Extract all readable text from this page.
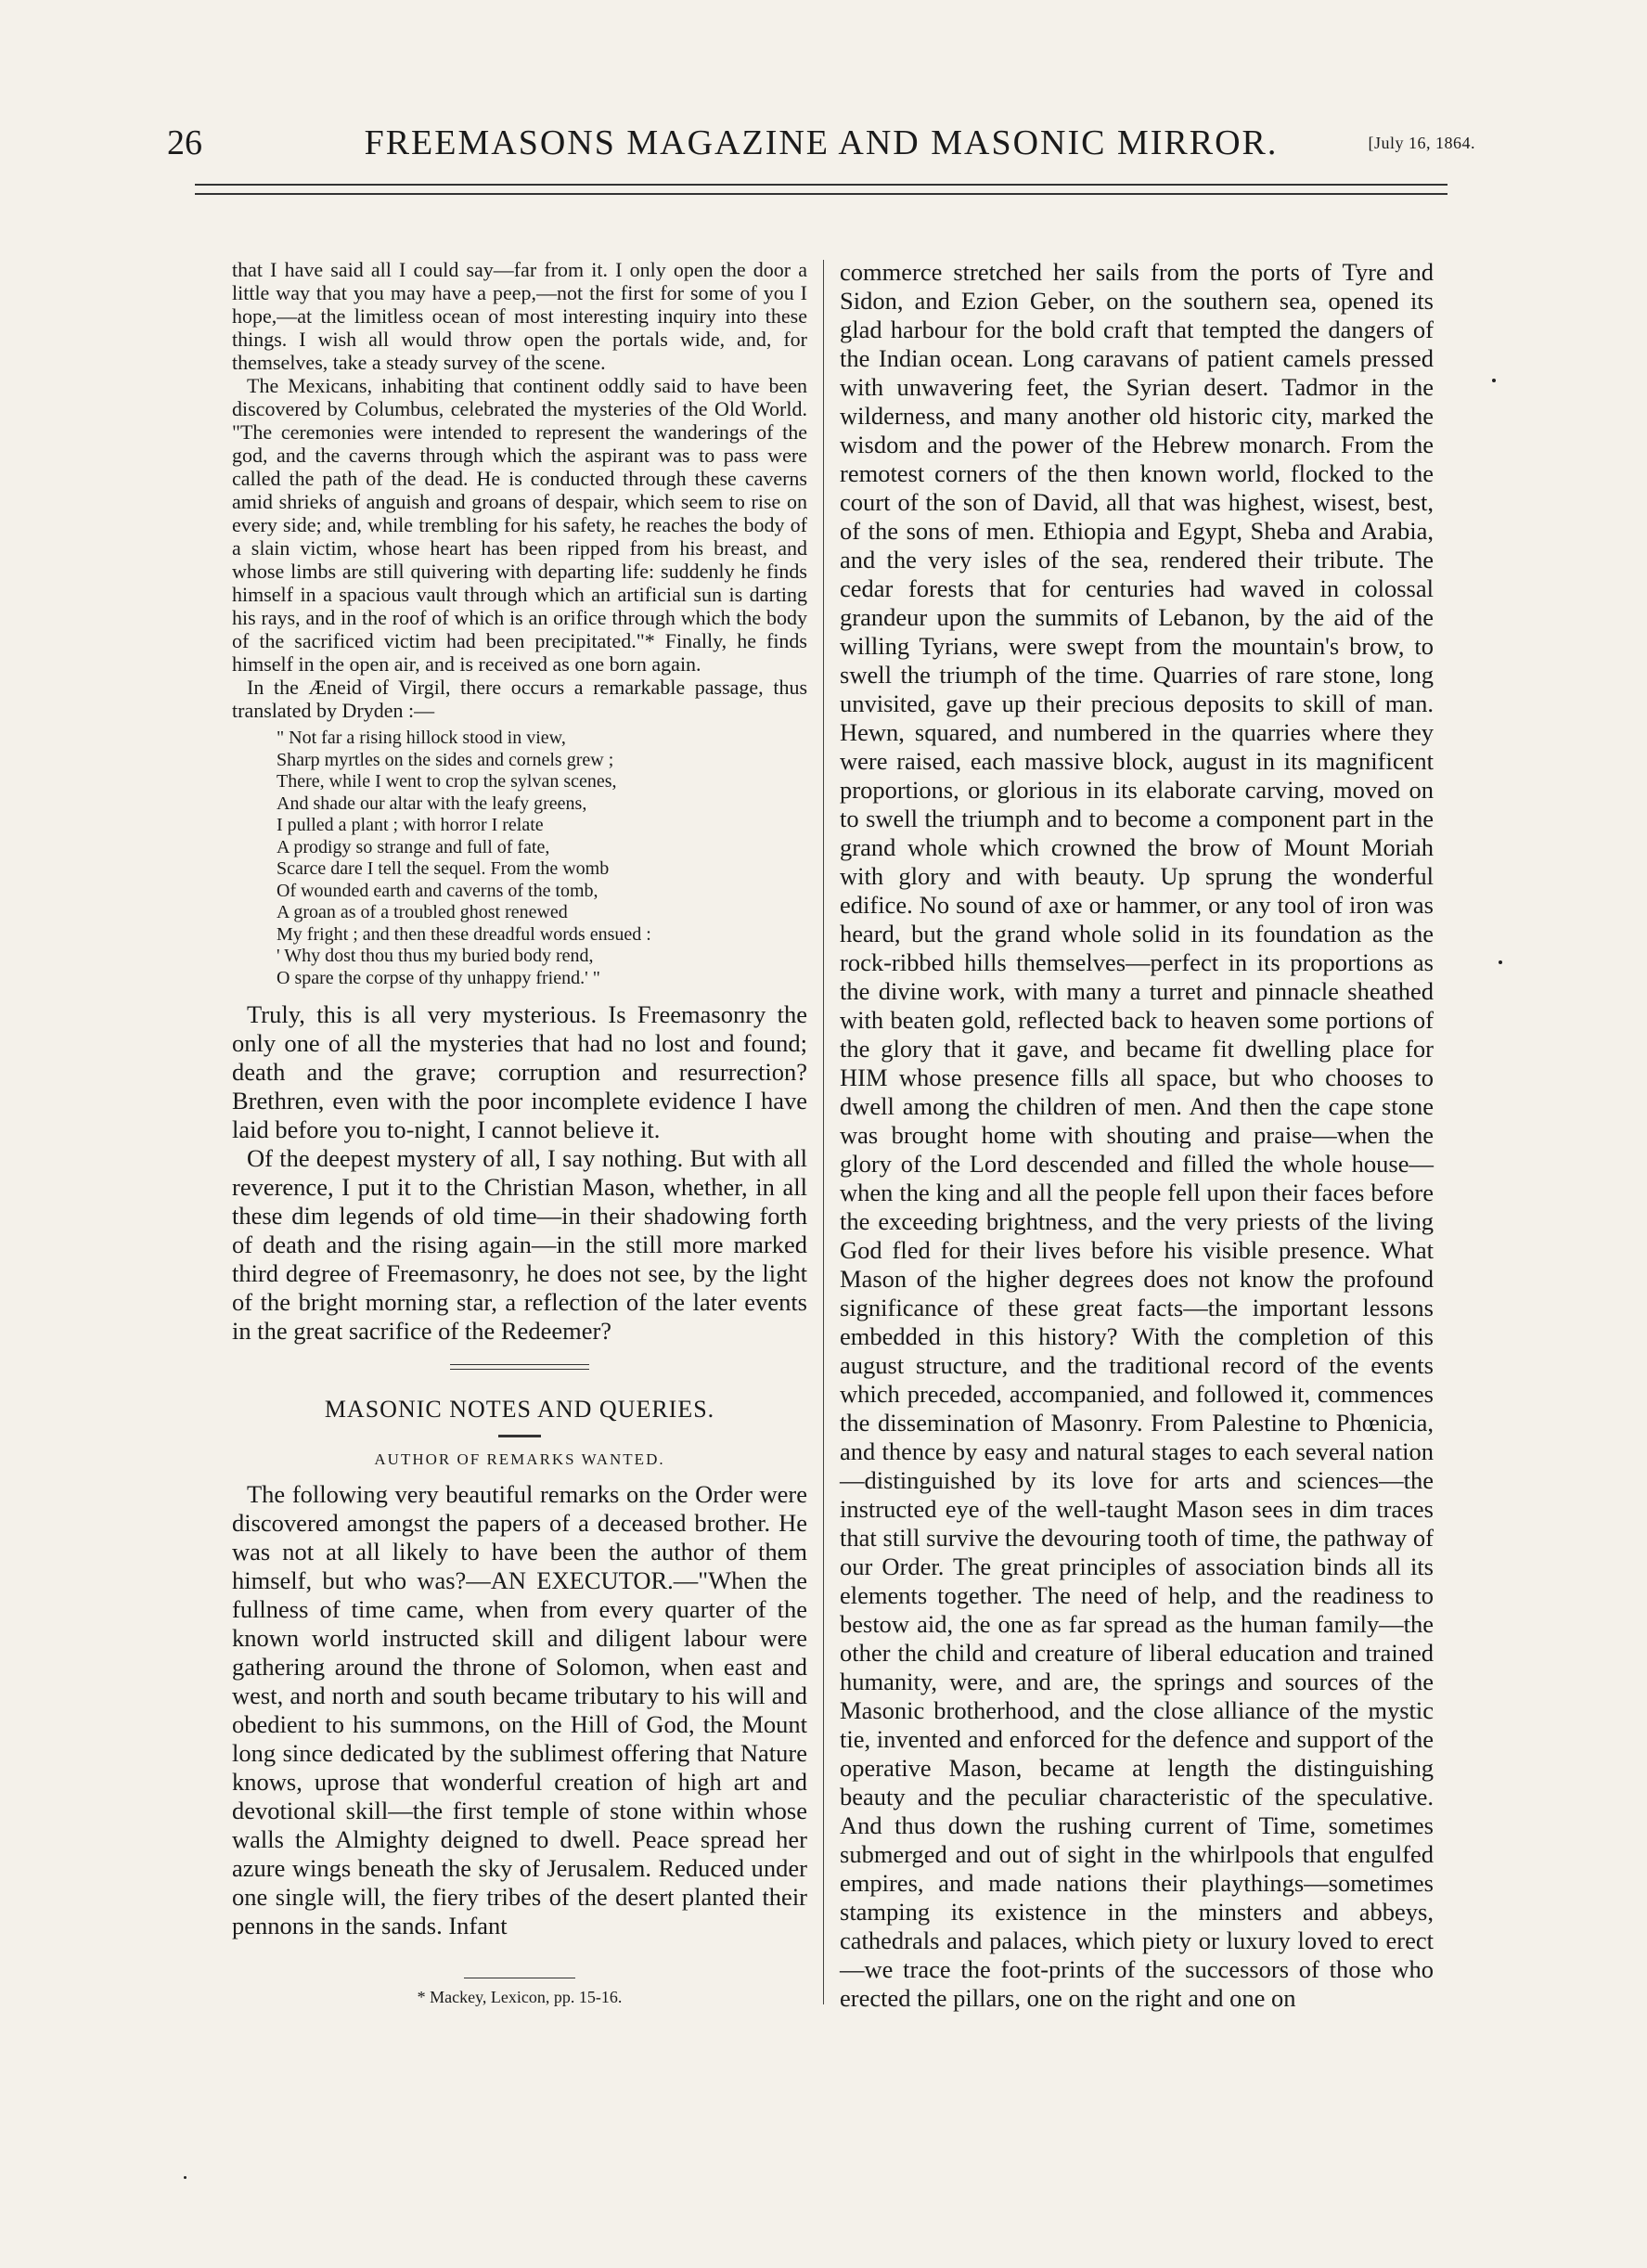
26	FREEMASONS MAGAZINE AND MASONIC MIRROR.	[July 16, 1864.

that I have said all I could say—far from it. I only open the door a little way that you may have a peep,—not the first for some of you I hope,—at the limitless ocean of most interesting inquiry into these things. I wish all would throw open the portals wide, and, for themselves, take a steady survey of the scene.

The Mexicans, inhabiting that continent oddly said to have been discovered by Columbus, celebrated the mysteries of the Old World. "The ceremonies were intended to represent the wanderings of the god, and the caverns through which the aspirant was to pass were called the path of the dead. He is conducted through these caverns amid shrieks of anguish and groans of despair, which seem to rise on every side; and, while trembling for his safety, he reaches the body of a slain victim, whose heart has been ripped from his breast, and whose limbs are still quivering with departing life: suddenly he finds himself in a spacious vault through which an artificial sun is darting his rays, and in the roof of which is an orifice through which the body of the sacrificed victim had been precipitated."* Finally, he finds himself in the open air, and is received as one born again.

In the Æneid of Virgil, there occurs a remarkable passage, thus translated by Dryden :—

" Not far a rising hillock stood in view,
Sharp myrtles on the sides and cornels grew ;
There, while I went to crop the sylvan scenes,
And shade our altar with the leafy greens,
I pulled a plant ; with horror I relate
A prodigy so strange and full of fate,
Scarce dare I tell the sequel. From the womb
Of wounded earth and caverns of the tomb,
A groan as of a troubled ghost renewed
My fright ; and then these dreadful words ensued :
' Why dost thou thus my buried body rend,
O spare the corpse of thy unhappy friend.' "

Truly, this is all very mysterious. Is Freemasonry the only one of all the mysteries that had no lost and found; death and the grave; corruption and resurrection? Brethren, even with the poor incomplete evidence I have laid before you to-night, I cannot believe it.

Of the deepest mystery of all, I say nothing. But with all reverence, I put it to the Christian Mason, whether, in all these dim legends of old time—in their shadowing forth of death and the rising again—in the still more marked third degree of Freemasonry, he does not see, by the light of the bright morning star, a reflection of the later events in the great sacrifice of the Redeemer?

MASONIC NOTES AND QUERIES.
AUTHOR OF REMARKS WANTED.

The following very beautiful remarks on the Order were discovered amongst the papers of a deceased brother. He was not at all likely to have been the author of them himself, but who was?—AN EXECUTOR.—"When the fullness of time came, when from every quarter of the known world instructed skill and diligent labour were gathering around the throne of Solomon, when east and west, and north and south became tributary to his will and obedient to his summons, on the Hill of God, the Mount long since dedicated by the sublimest offering that Nature knows, uprose that wonderful creation of high art and devotional skill—the first temple of stone within whose walls the Almighty deigned to dwell. Peace spread her azure wings beneath the sky of Jerusalem. Reduced under one single will, the fiery tribes of the desert planted their pennons in the sands. Infant

* Mackey, Lexicon, pp. 15-16.

commerce stretched her sails from the ports of Tyre and Sidon, and Ezion Geber, on the southern sea, opened its glad harbour for the bold craft that tempted the dangers of the Indian ocean. Long caravans of patient camels pressed with unwavering feet, the Syrian desert. Tadmor in the wilderness, and many another old historic city, marked the wisdom and the power of the Hebrew monarch. From the remotest corners of the then known world, flocked to the court of the son of David, all that was highest, wisest, best, of the sons of men. Ethiopia and Egypt, Sheba and Arabia, and the very isles of the sea, rendered their tribute. The cedar forests that for centuries had waved in colossal grandeur upon the summits of Lebanon, by the aid of the willing Tyrians, were swept from the mountain's brow, to swell the triumph of the time. Quarries of rare stone, long unvisited, gave up their precious deposits to skill of man. Hewn, squared, and numbered in the quarries where they were raised, each massive block, august in its magnificent proportions, or glorious in its elaborate carving, moved on to swell the triumph and to become a component part in the grand whole which crowned the brow of Mount Moriah with glory and with beauty. Up sprung the wonderful edifice. No sound of axe or hammer, or any tool of iron was heard, but the grand whole solid in its foundation as the rock-ribbed hills themselves—perfect in its proportions as the divine work, with many a turret and pinnacle sheathed with beaten gold, reflected back to heaven some portions of the glory that it gave, and became fit dwelling place for HIM whose presence fills all space, but who chooses to dwell among the children of men. And then the cape stone was brought home with shouting and praise—when the glory of the Lord descended and filled the whole house—when the king and all the people fell upon their faces before the exceeding brightness, and the very priests of the living God fled for their lives before his visible presence. What Mason of the higher degrees does not know the profound significance of these great facts—the important lessons embedded in this history? With the completion of this august structure, and the traditional record of the events which preceded, accompanied, and followed it, commences the dissemination of Masonry. From Palestine to Phœnicia, and thence by easy and natural stages to each several nation—distinguished by its love for arts and sciences—the instructed eye of the well-taught Mason sees in dim traces that still survive the devouring tooth of time, the pathway of our Order. The great principles of association binds all its elements together. The need of help, and the readiness to bestow aid, the one as far spread as the human family—the other the child and creature of liberal education and trained humanity, were, and are, the springs and sources of the Masonic brotherhood, and the close alliance of the mystic tie, invented and enforced for the defence and support of the operative Mason, became at length the distinguishing beauty and the peculiar characteristic of the speculative. And thus down the rushing current of Time, sometimes submerged and out of sight in the whirlpools that engulfed empires, and made nations their playthings—sometimes stamping its existence in the minsters and abbeys, cathedrals and palaces, which piety or luxury loved to erect—we trace the foot-prints of the successors of those who erected the pillars, one on the right and one on
